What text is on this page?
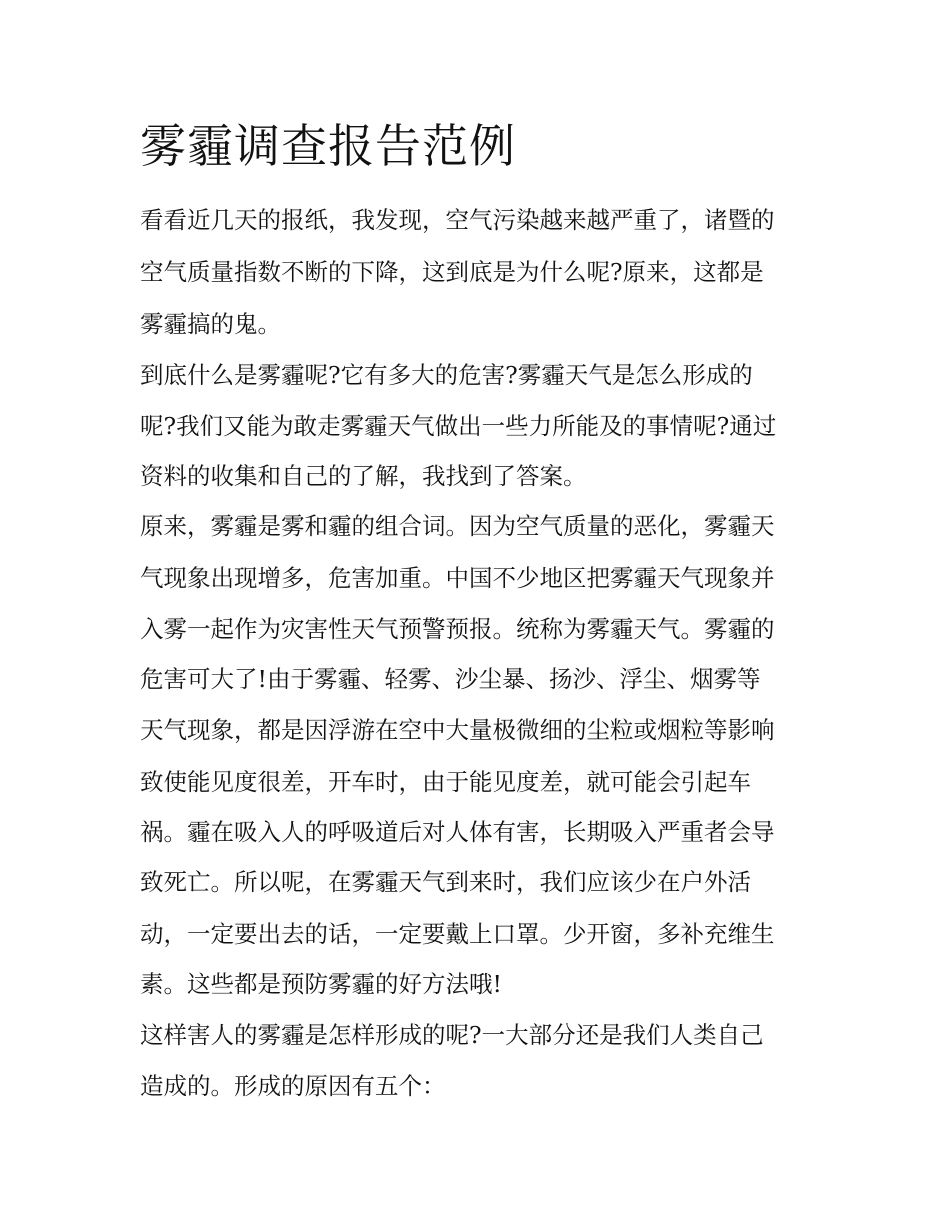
雾霾调查报告范例

看看近几天的报纸，我发现，空气污染越来越严重了，诸暨的

空气质量指数不断的下降，这到底是为什么呢?原来，这都是

雾霾搞的鬼。

到底什么是雾霾呢?它有多大的危害?雾霾天气是怎么形成的

呢?我们又能为敢走雾霾天气做出一些力所能及的事情呢?通过

资料的收集和自己的了解，我找到了答案。

原来，雾霾是雾和霾的组合词。因为空气质量的恶化，雾霾天

气现象出现增多，危害加重。中国不少地区把雾霾天气现象并

入雾一起作为灾害性天气预警预报。统称为雾霾天气。雾霾的

危害可大了!由于雾霾、轻雾、沙尘暴、扬沙、浮尘、烟雾等

天气现象，都是因浮游在空中大量极微细的尘粒或烟粒等影响

致使能见度很差，开车时，由于能见度差，就可能会引起车

祸。霾在吸入人的呼吸道后对人体有害，长期吸入严重者会导

致死亡。所以呢，在雾霾天气到来时，我们应该少在户外活

动，一定要出去的话，一定要戴上口罩。少开窗，多补充维生

素。这些都是预防雾霾的好方法哦!

这样害人的雾霾是怎样形成的呢?一大部分还是我们人类自己

造成的。形成的原因有五个：
